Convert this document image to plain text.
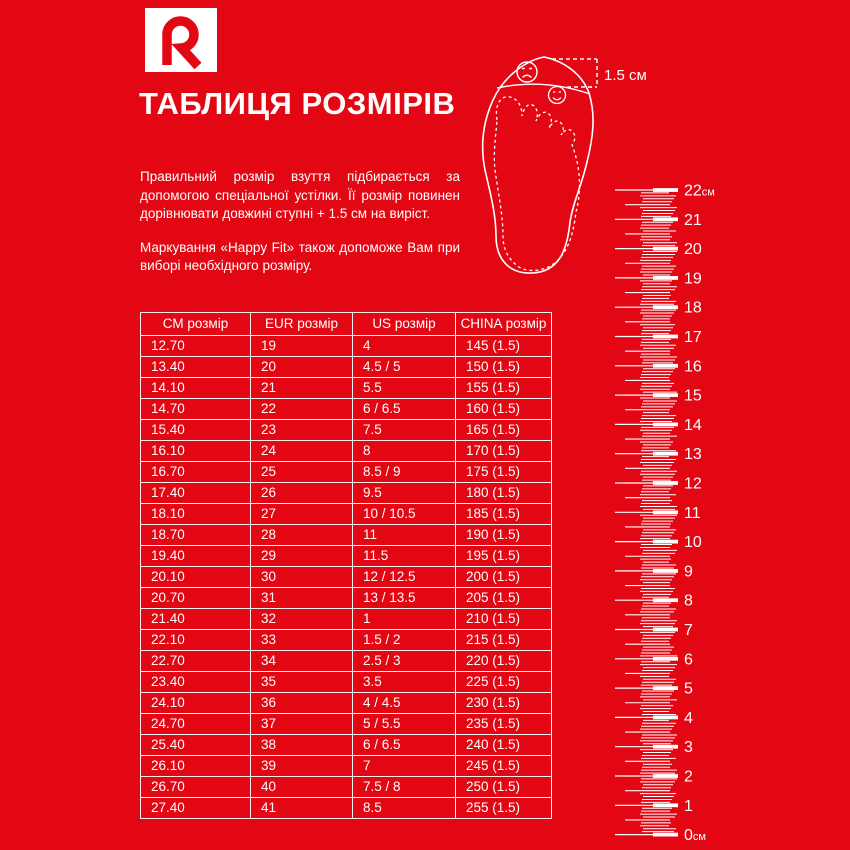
ТАБЛИЦЯ РОЗМІРІВ

Правильний розмір взуття підбирається за допомогою спеціальної устілки. Її розмір повинен дорівнювати довжині ступні + 1.5 см на виріст.

Маркування «Happy Fit» також допоможе Вам при виборі необхідного розміру.

1.5 см
22см
21
20
19
18
17
16
15
14
13
12
11
10
9
8
7
6
5
4
3
2
1
0см
СМ розмір	EUR розмір	US розмір	CHINA розмір
12.70	19	4	145 (1.5)
13.40	20	4.5 / 5	150 (1.5)
14.10	21	5.5	155 (1.5)
14.70	22	6 / 6.5	160 (1.5)
15.40	23	7.5	165 (1.5)
16.10	24	8	170 (1.5)
16.70	25	8.5 / 9	175 (1.5)
17.40	26	9.5	180 (1.5)
18.10	27	10 / 10.5	185 (1.5)
18.70	28	11	190 (1.5)
19.40	29	11.5	195 (1.5)
20.10	30	12 / 12.5	200 (1.5)
20.70	31	13 / 13.5	205 (1.5)
21.40	32	1	210 (1.5)
22.10	33	1.5 / 2	215 (1.5)
22.70	34	2.5 / 3	220 (1.5)
23.40	35	3.5	225 (1.5)
24.10	36	4 / 4.5	230 (1.5)
24.70	37	5 / 5.5	235 (1.5)
25.40	38	6 / 6.5	240 (1.5)
26.10	39	7	245 (1.5)
26.70	40	7.5 / 8	250 (1.5)
27.40	41	8.5	255 (1.5)
